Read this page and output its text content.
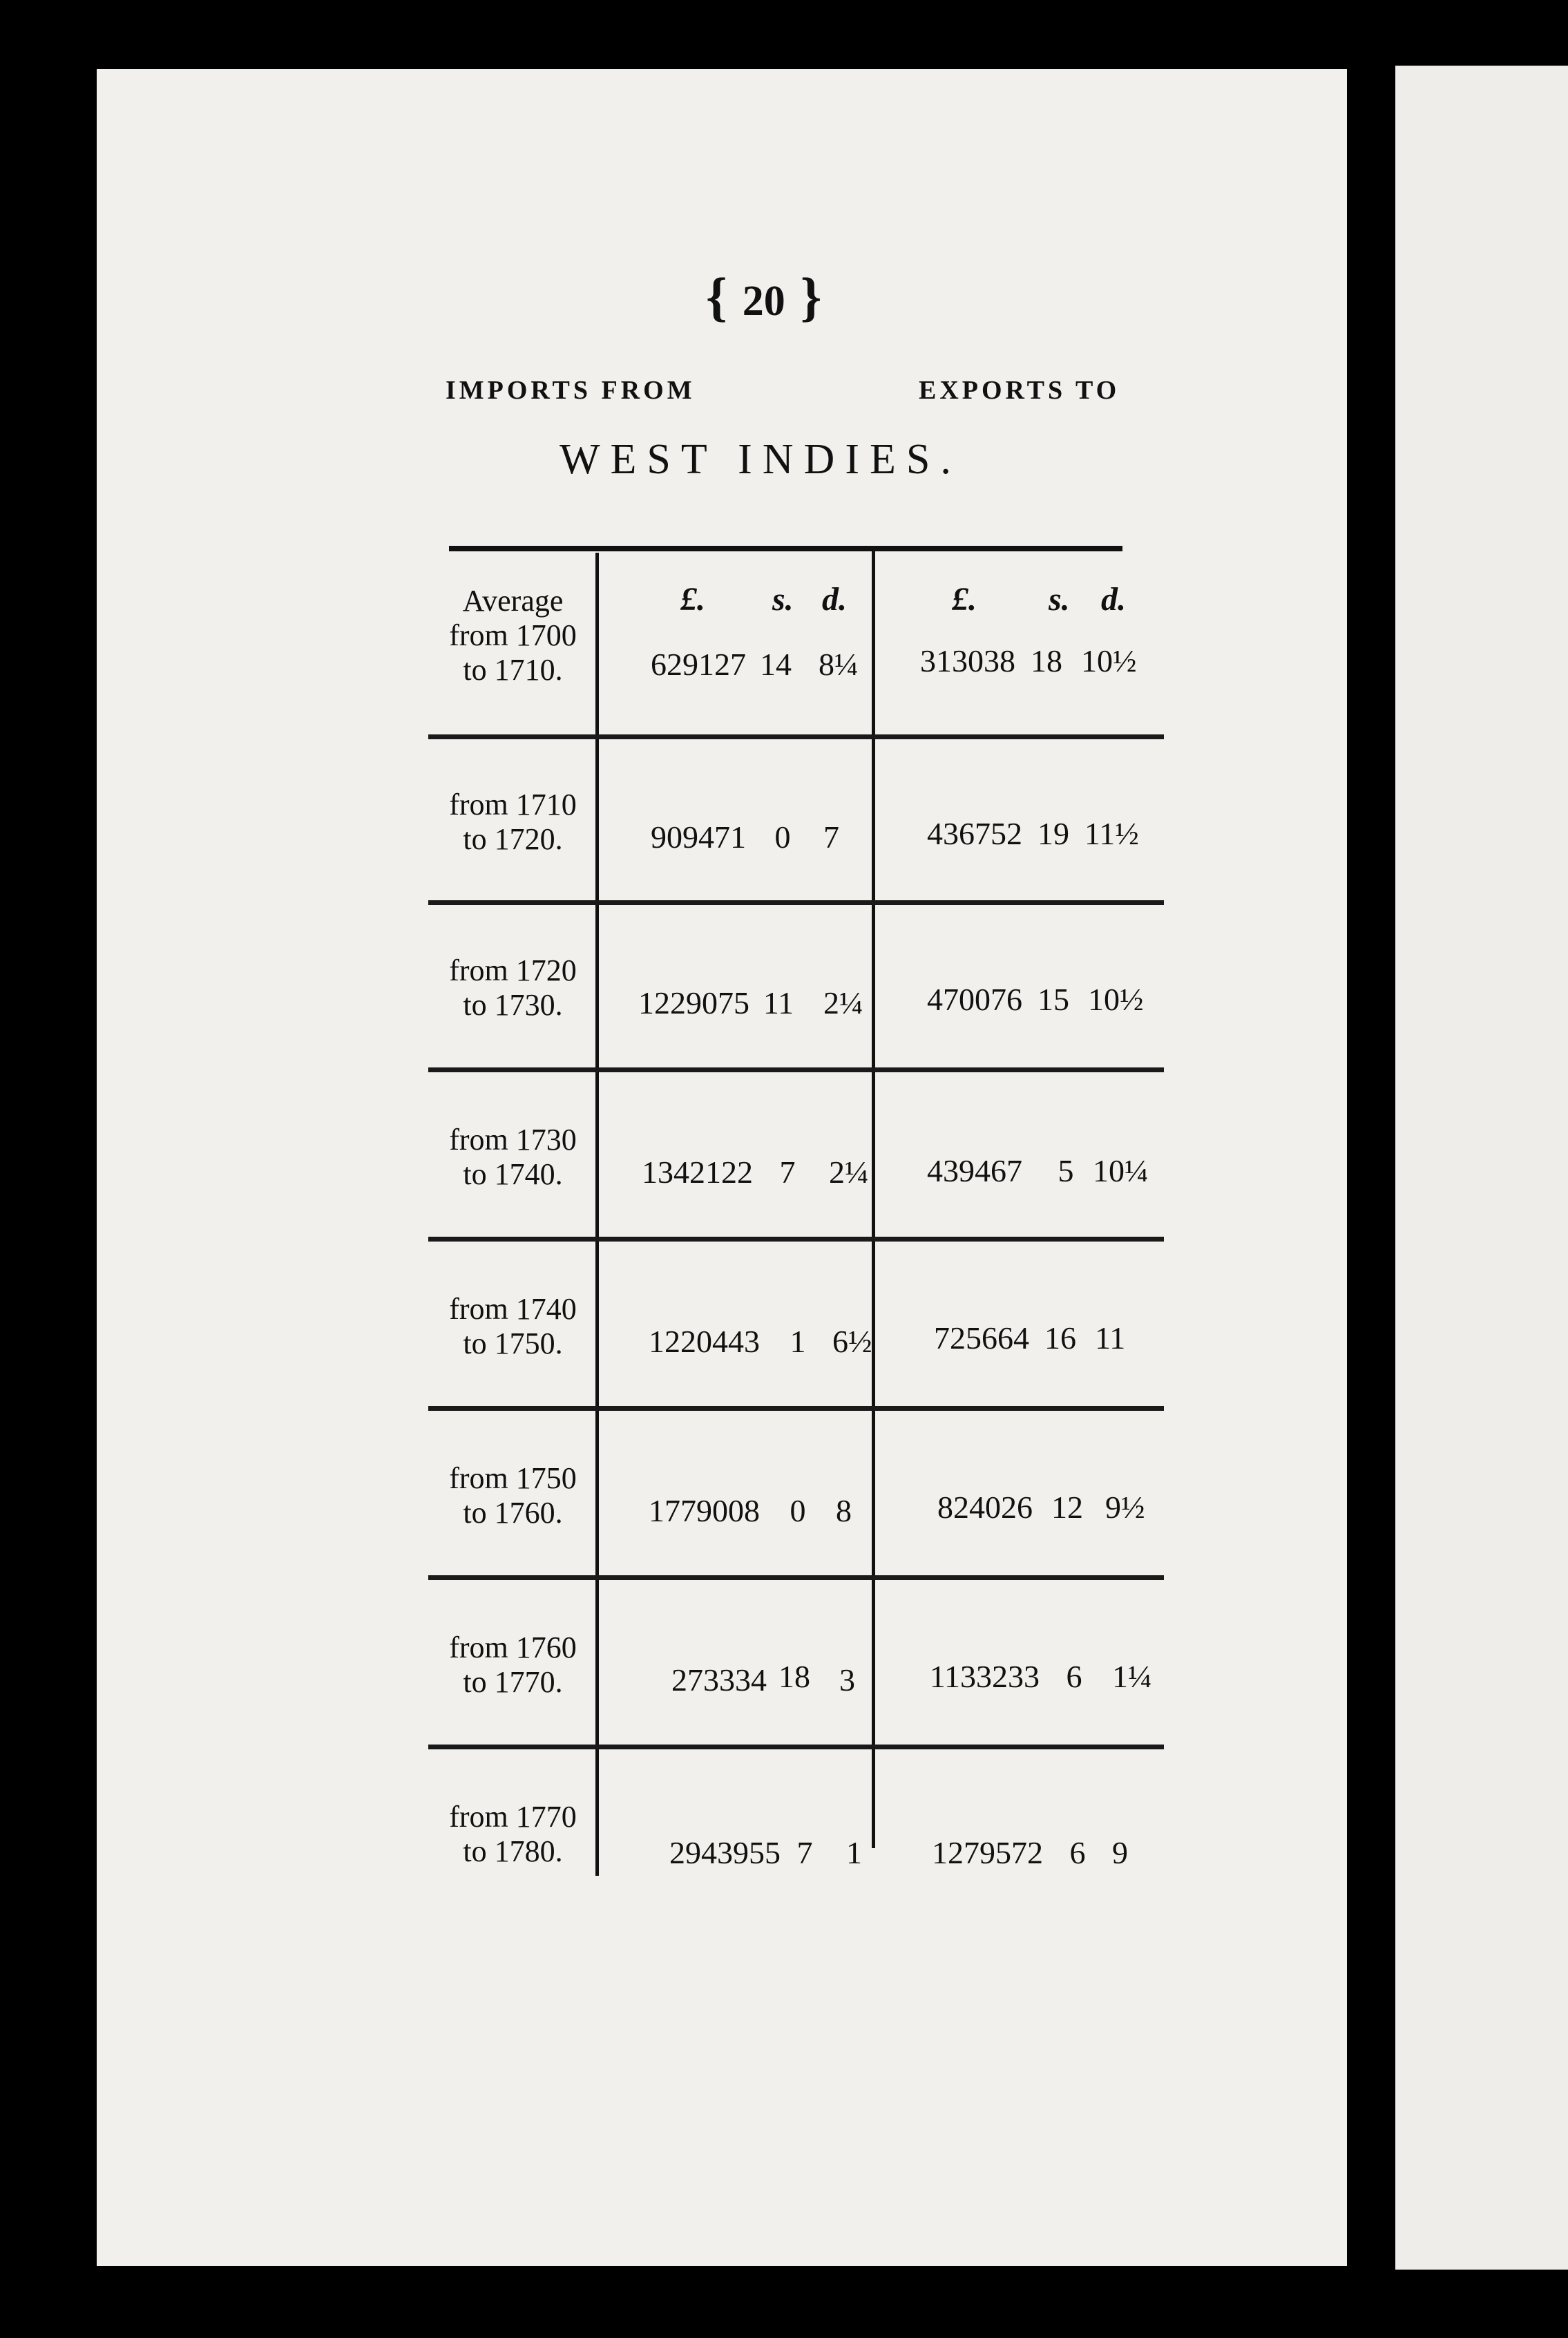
{ 20 }
IMPORTS FROM	EXPORTS TO
WEST INDIES.
£. s. d.	£. s. d.
Average
from 1700
to 1710.	629127 14 8¼	313038 18 10½
from 1710
to 1720.	909471 0	7	436752 19 11½
from 1720
to 1730.	1229075 11 2¼	470076 15 10½
from 1730
to 1740.	1342122 7	2¼	439467	5 10¼
from 1740
to 1750.	1220443 1 6½	725664 16 11
from 1750
to 1760.	1779008 0 8	824026 12 9½
from 1760
to 1770.	273334 18 3	1133233 6 1¼
from 1770
to 1780.	2943955 7	1	1279572 6 9
